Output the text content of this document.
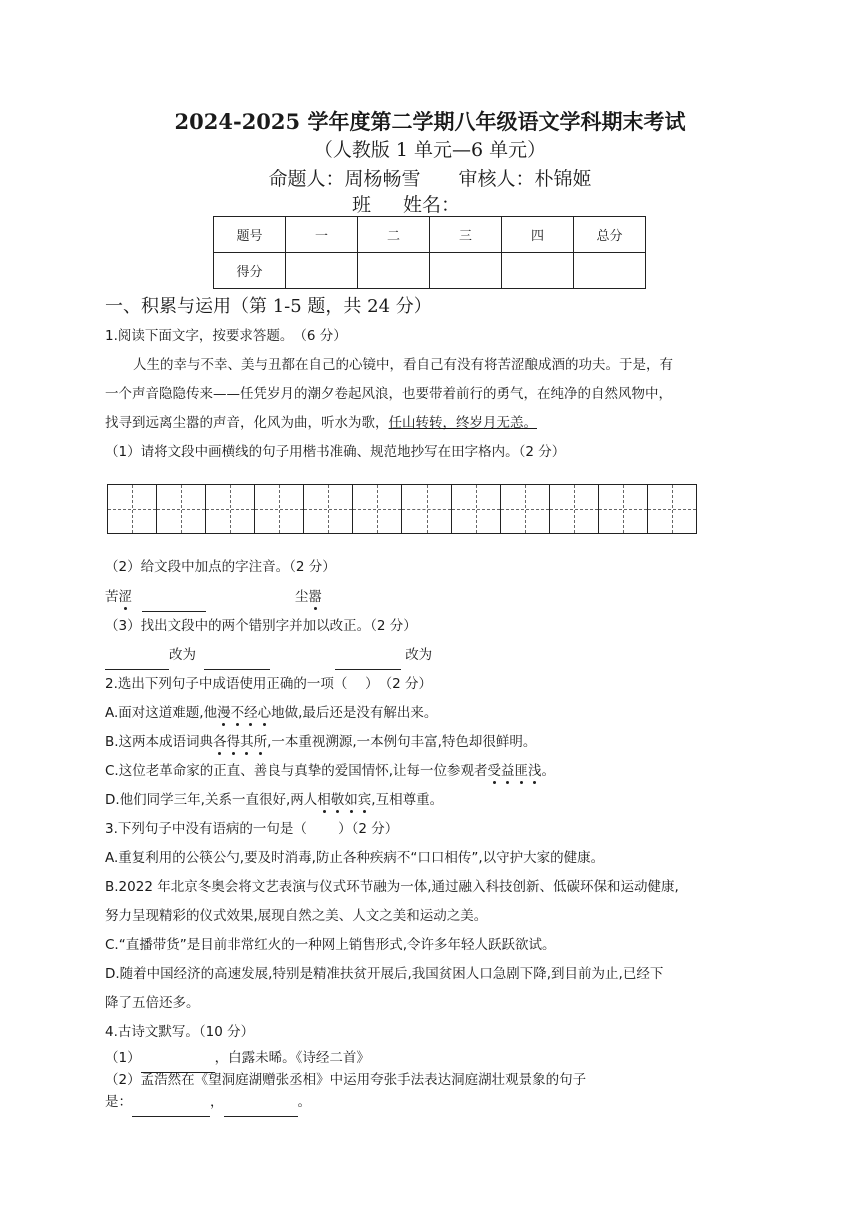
2024-2025 学年度第二学期八年级语文学科期末考试
（人教版 1 单元—6 单元）
命题人：周杨畅雪　　审核人：朴锦姬
班 姓名：
题号	一	二	三	四	总分
得分					
一、积累与运用（第 1-5 题，共 24 分）
1.阅读下面文字，按要求答题。　（6 分）
人生的幸与不幸、美与丑都在自己的心镜中，看自己有没有将苦涩酿成酒的功夫。于是，有
一个声音隐隐传来——任凭岁月的潮夕卷起风浪，也要带着前行的勇气，在纯净的自然风物中，
找寻到远离尘嚣的声音，化风为曲，听水为歌，任山转转，终岁月无恙。
（1）请将文段中画横线的句子用楷书准确、规范地抄写在田字格内。（2 分）
（2）给文段中加点的字注音。（2 分）
苦涩	尘嚣
（3）找出文段中的两个错别字并加以改正。（2 分）
改为	改为
2.选出下列句子中成语使用正确的一项（　 ）　（2 分）
A.面对这道难题,他漫不经心地做,最后还是没有解出来。
B.这两本成语词典各得其所,一本重视溯源,一本例句丰富,特色却很鲜明。
C.这位老革命家的正直、善良与真挚的爱国情怀,让每一位参观者受益匪浅。
D.他们同学三年,关系一直很好,两人相敬如宾,互相尊重。
3.下列句子中没有语病的一句是（　　 ）（2 分）
A.重复利用的公筷公勺,要及时消毒,防止各种疾病不“口口相传”,以守护大家的健康。
B.2022 年北京冬奥会将文艺表演与仪式环节融为一体,通过融入科技创新、低碳环保和运动健康,
努力呈现精彩的仪式效果,展现自然之美、人文之美和运动之美。
C.“直播带货”是目前非常红火的一种网上销售形式,令许多年轻人跃跃欲试。
D.随着中国经济的高速发展,特别是精准扶贫开展后,我国贫困人口急剧下降,到目前为止,已经下
降了五倍还多。
4.古诗文默写。（10 分）
（1）	，白露未晞。《诗经二首》
（2）孟浩然在《望洞庭湖赠张丞相》中运用夸张手法表达洞庭湖壮观景象的句子
是：	，	。
